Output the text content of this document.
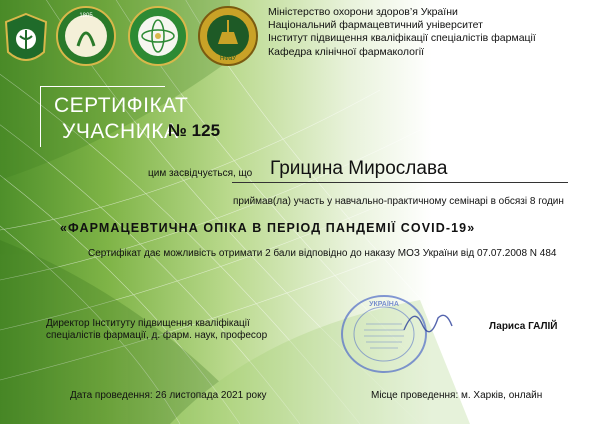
1805
НФаУ
Міністерство охорони здоров’я України
Національний фармацевтичний університет
Інститут підвищення кваліфікації спеціалістів фармації
Кафедра клінічної фармакології
СЕРТИФІКАТ
УЧАСНИКА
№ 125
цим засвідчується, що Грицина Мирослава
приймав(ла) участь у навчально-практичному семінарі в обсязі 8 годин
«ФАРМАЦЕВТИЧНА ОПІКА В ПЕРІОД ПАНДЕМІЇ COVID-19»
Сертифікат дає можливість отримати 2 бали відповідно до наказу МОЗ України від 07.07.2008 N 484
Директор Інституту підвищення кваліфікації
спеціалістів фармації, д. фарм. наук, професор
УКРАЇНА
Лариса ГАЛІЙ
Дата проведення: 26 листопада 2021 року	Місце проведення: м. Харків, онлайн
